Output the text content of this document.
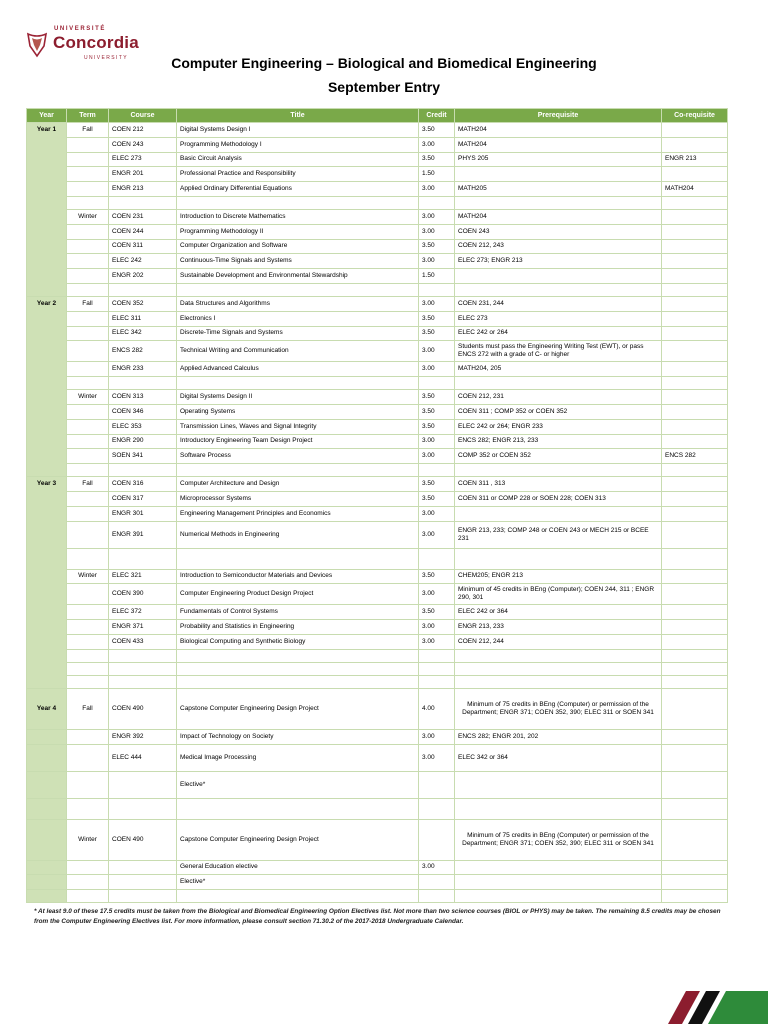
UNIVERSITÉ
Concordia
UNIVERSITY	Computer Engineering – Biological and Biomedical Engineering
September Entry
Year	Term	Course	Title	Credit	Prerequisite	Co-requisite
Year 1	Fall	COEN 212	Digital Systems Design I	3.50	MATH204	
		COEN 243	Programming Methodology I	3.00	MATH204	
		ELEC 273	Basic Circuit Analysis	3.50	PHYS 205	ENGR 213
		ENGR 201	Professional Practice and Responsibility	1.50		
		ENGR 213	Applied Ordinary Differential Equations	3.00	MATH205	MATH204

	Winter	COEN 231	Introduction to Discrete Mathematics	3.00	MATH204	
		COEN 244	Programming Methodology II	3.00	COEN 243	
		COEN 311	Computer Organization and Software	3.50	COEN 212, 243	
		ELEC 242	Continuous-Time Signals and Systems	3.00	ELEC 273; ENGR 213	
		ENGR 202	Sustainable Development and Environmental Stewardship	1.50		

Year 2	Fall	COEN 352	Data Structures and Algorithms	3.00	COEN 231, 244	
		ELEC 311	Electronics I	3.50	ELEC 273	
		ELEC 342	Discrete-Time Signals and Systems	3.50	ELEC 242 or 264	
		ENCS 282	Technical Writing and Communication	3.00	Students must pass the Engineering Writing Test (EWT), or pass ENCS 272 with a grade of C- or higher	
		ENGR 233	Applied Advanced Calculus	3.00	MATH204, 205	

	Winter	COEN 313	Digital Systems Design II	3.50	COEN 212, 231	
		COEN 346	Operating Systems	3.50	COEN 311 ; COMP 352 or COEN 352	
		ELEC 353	Transmission Lines, Waves and Signal Integrity	3.50	ELEC 242 or 264; ENGR 233	
		ENGR 290	Introductory Engineering Team Design Project	3.00	ENCS 282; ENGR 213, 233	
		SOEN 341	Software Process	3.00	COMP 352 or COEN 352	ENCS 282

Year 3	Fall	COEN 316	Computer Architecture and Design	3.50	COEN 311 , 313	
		COEN 317	Microprocessor Systems	3.50	COEN 311 or COMP 228 or SOEN 228; COEN 313	
		ENGR 301	Engineering Management Principles and Economics	3.00		
		ENGR 391	Numerical Methods in Engineering	3.00	ENGR 213, 233; COMP 248 or COEN 243 or MECH 215 or BCEE 231	

	Winter	ELEC 321	Introduction to Semiconductor Materials and Devices	3.50	CHEM205; ENGR 213	
		COEN 390	Computer Engineering Product Design Project	3.00	Minimum of 45 credits in BEng (Computer); COEN 244, 311 ; ENGR 290, 301	
		ELEC 372	Fundamentals of Control Systems	3.50	ELEC 242 or 364	
		ENGR 371	Probability and Statistics in Engineering	3.00	ENGR 213, 233	
		COEN 433	Biological Computing and Synthetic Biology	3.00	COEN 212, 244	

Year 4	Fall	COEN 490	Capstone Computer Engineering Design Project	4.00	Minimum of 75 credits in BEng (Computer) or permission of the Department; ENGR 371; COEN 352, 390; ELEC 311 or SOEN 341	
		ENGR 392	Impact of Technology on Society	3.00	ENCS 282; ENGR 201, 202	
		ELEC 444	Medical Image Processing	3.00	ELEC 342 or 364	
			Elective*			

	Winter	COEN 490	Capstone Computer Engineering Design Project		Minimum of 75 credits in BEng (Computer) or permission of the Department; ENGR 371; COEN 352, 390; ELEC 311 or SOEN 341	
			General Education elective	3.00		
			Elective*			

* At least 9.0 of these 17.5 credits must be taken from the Biological and Biomedical Engineering Option Electives list. Not more than two science courses (BIOL or PHYS) may be taken. The remaining 8.5 credits may be chosen from the Computer Engineering Electives list. For more information, please consult section 71.30.2 of the 2017-2018 Undergraduate Calendar.
